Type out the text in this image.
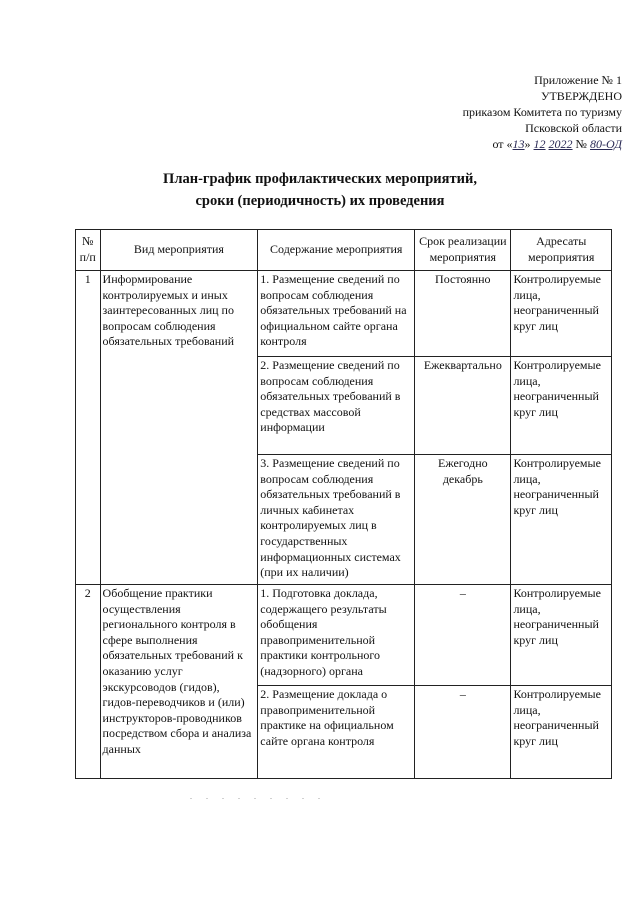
Приложение № 1
УТВЕРЖДЕНО
приказом Комитета по туризму
Псковской области
от «13» 12 2022 № 80-ОД
План-график профилактических мероприятий,
сроки (периодичность) их проведения
№ п/п	Вид мероприятия	Содержание мероприятия	Срок реализации мероприятия	Адресаты мероприятия
1	Информирование контролируемых и иных заинтересованных лиц по вопросам соблюдения обязательных требований	1. Размещение сведений по вопросам соблюдения обязательных требований на официальном сайте органа контроля	Постоянно	Контролируемые лица, неограниченный круг лиц
		2. Размещение сведений по вопросам соблюдения обязательных требований в средствах массовой информации	Ежеквартально	Контролируемые лица, неограниченный круг лиц
		3. Размещение сведений по вопросам соблюдения обязательных требований в личных кабинетах контролируемых лиц в государственных информационных системах (при их наличии)	Ежегодно декабрь	Контролируемые лица, неограниченный круг лиц
2	Обобщение практики осуществления регионального контроля в сфере выполнения обязательных требований к оказанию услуг экскурсоводов (гидов), гидов-переводчиков и (или) инструкторов-проводников посредством сбора и анализа данных	1. Подготовка доклада, содержащего результаты обобщения правоприменительной практики контрольного (надзорного) органа	–	Контролируемые лица, неограниченный круг лиц
		2. Размещение доклада о правоприменительной практике на официальном сайте органа контроля	–	Контролируемые лица, неограниченный круг лиц
. . . . . . . . .
